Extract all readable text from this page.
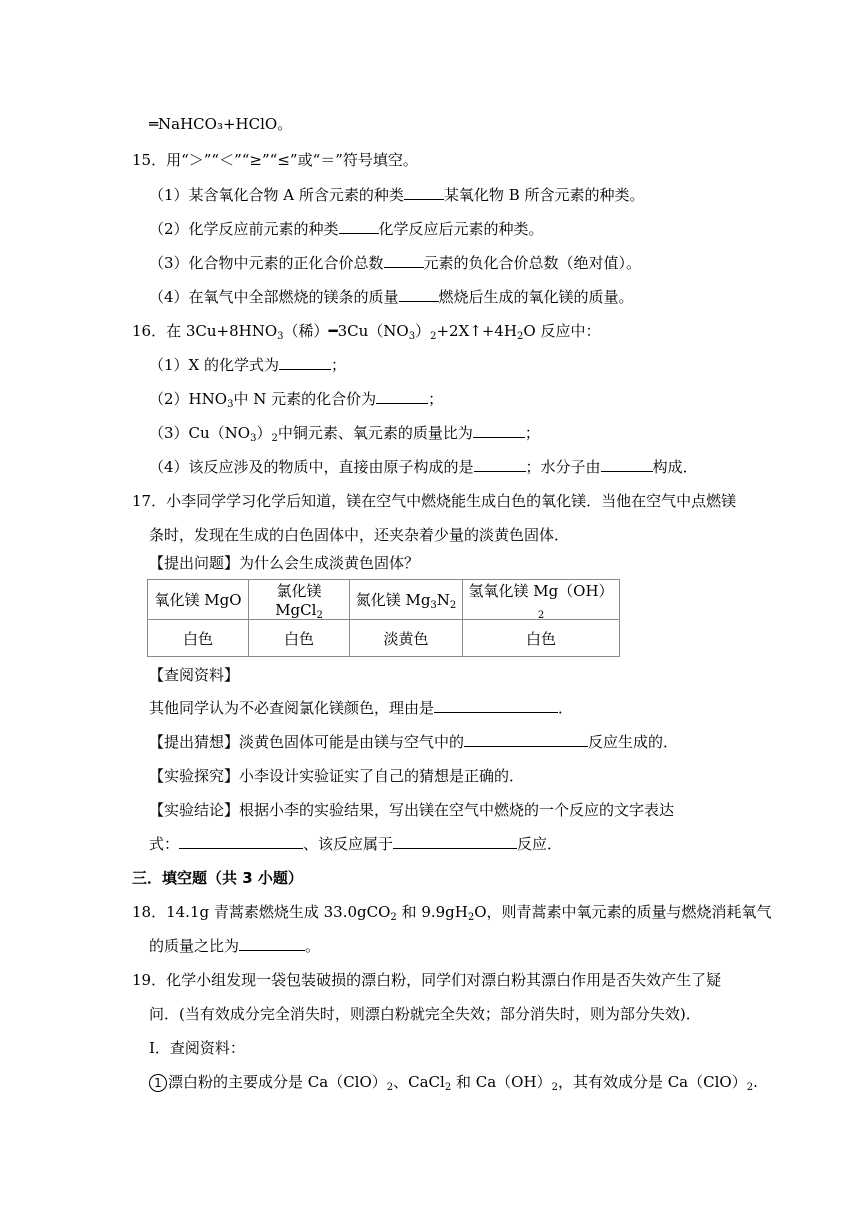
═NaHCO₃+HClO。
15．用“＞”“＜”“≥”“≤”或“＝”符号填空。
（1）某含氧化合物 A 所含元素的种类	某氧化物 B 所含元素的种类。
（2）化学反应前元素的种类	化学反应后元素的种类。
（3）化合物中元素的正化合价总数	元素的负化合价总数（绝对值）。
（4）在氧气中全部燃烧的镁条的质量	燃烧后生成的氧化镁的质量。
16．在 $3Cu+8HNO_3$（稀）$━3Cu(NO_3)_2+2X↑+4H_2O$ 反应中：
（1）X 的化学式为	；
$(2)HNO_3$中 N 元素的化合价为	；
$(3)Cu(NO_3)_2$中铜元素、氧元素的质量比为	；
（4）该反应涉及的物质中，直接由原子构成的是	；水分子由	构成．
17．小李同学学习化学后知道，镁在空气中燃烧能生成白色的氧化镁．当他在空气中点燃镁
条时，发现在生成的白色固体中，还夹杂着少量的淡黄色固体．
【提出问题】为什么会生成淡黄色固体？
氧化镁 MgO	氯化镁 MgCl$_2$	氮化镁 $Mg_3N_2$	氢氧化镁 $Mg(OH)_2$
白色	白色	淡黄色	白色
【查阅资料】
其他同学认为不必查阅氯化镁颜色，理由是	．
【提出猜想】淡黄色固体可能是由镁与空气中的	反应生成的．
【实验探究】小李设计实验证实了自己的猜想是正确的．
【实验结论】根据小李的实验结果，写出镁在空气中燃烧的一个反应的文字表达
式：	、该反应属于	反应．
三．填空题（共 3 小题）
18．14.1g 青蒿素燃烧生成 33.0gCO$_2$ 和 $9.9gH_2O$，则青蒿素中氧元素的质量与燃烧消耗氧气
的质量之比为	。
19．化学小组发现一袋包装破损的漂白粉，同学们对漂白粉其漂白作用是否失效产生了疑
问．(当有效成分完全消失时，则漂白粉就完全失效；部分消失时，则为部分失效)．
Ⅰ．查阅资料：
1 漂白粉的主要成分是 $Ca(ClO)_2$、CaCl$_2$ 和 $Ca(OH)_2$，其有效成分是 $Ca(ClO)_2$.
